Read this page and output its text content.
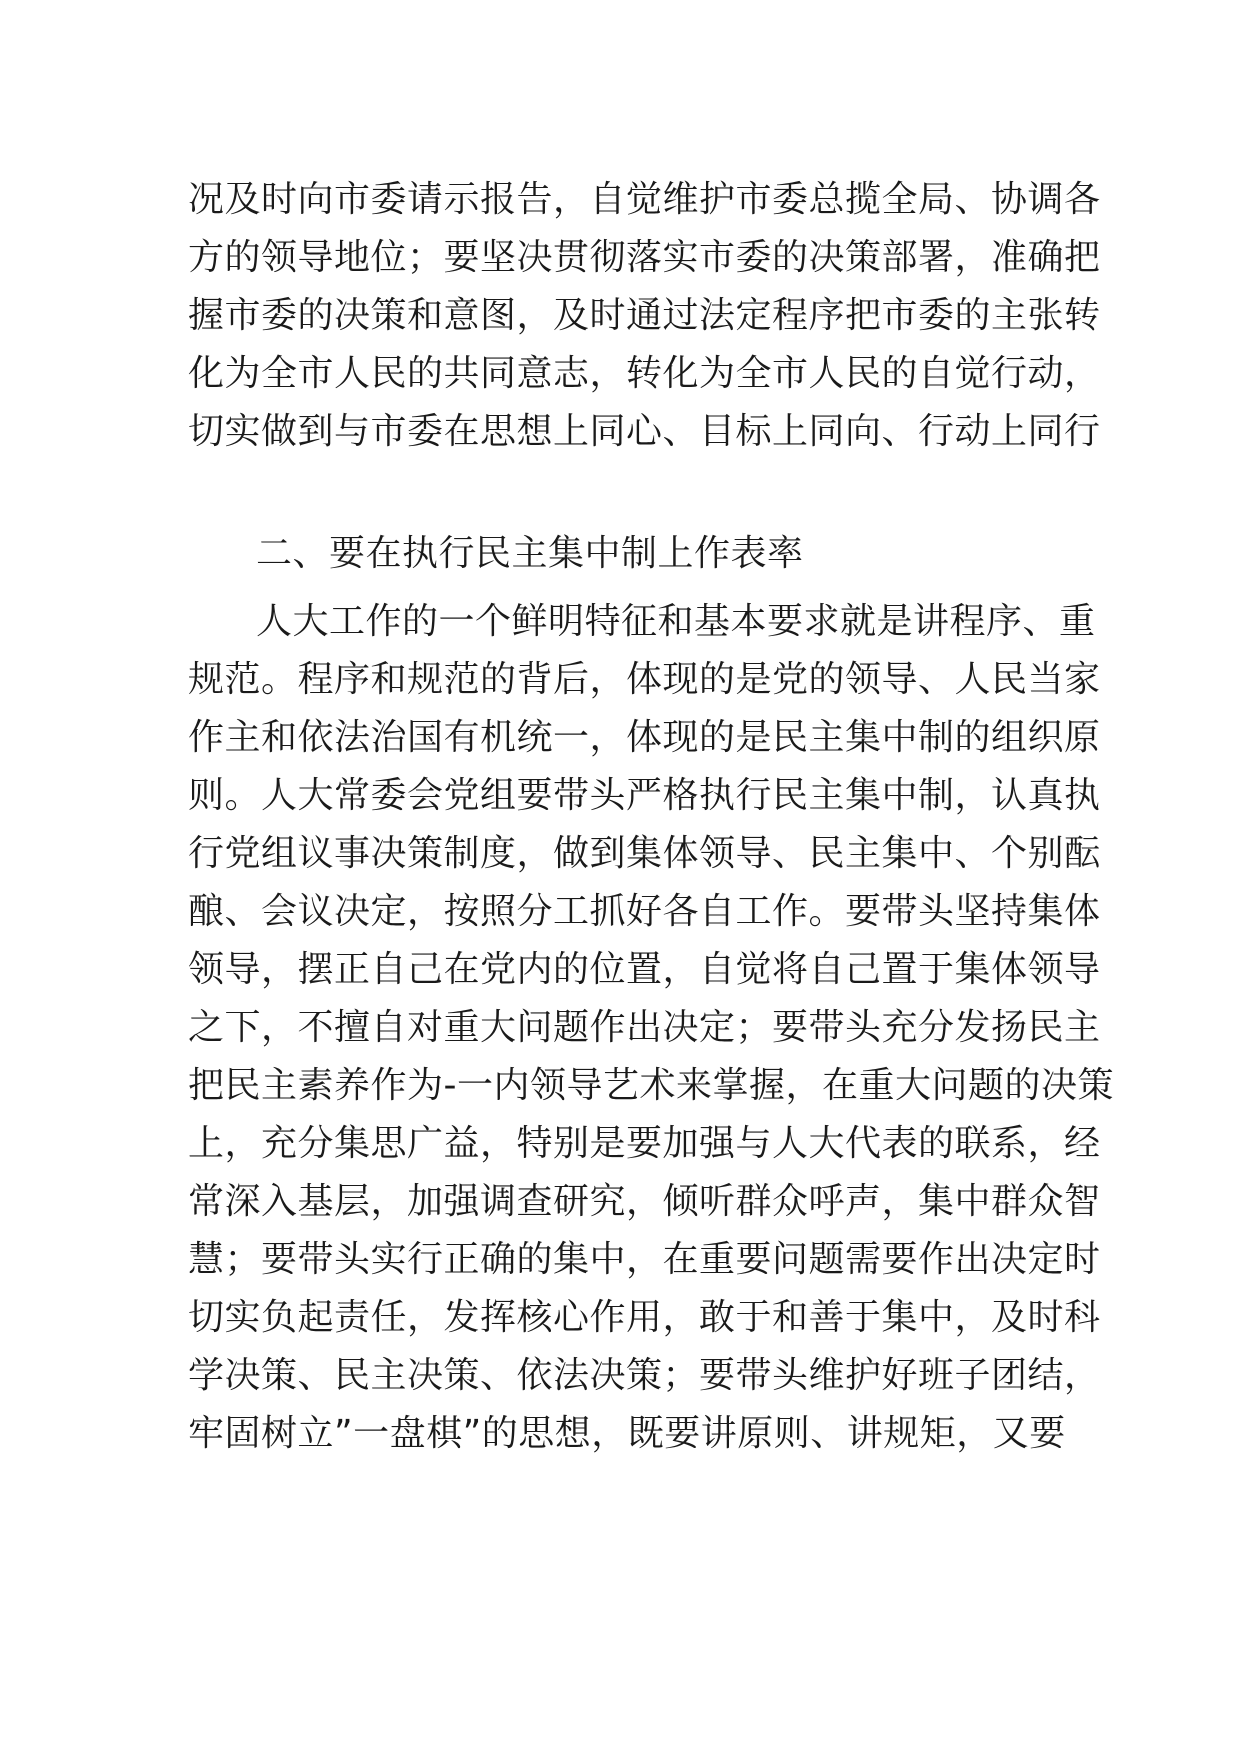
况及时向市委请示报告，自觉维护市委总揽全局、协调各
方的领导地位；要坚决贯彻落实市委的决策部署，准确把
握市委的决策和意图，及时通过法定程序把市委的主张转
化为全市人民的共同意志，转化为全市人民的自觉行动，
切实做到与市委在思想上同心、目标上同向、行动上同行
二、要在执行民主集中制上作表率
人大工作的一个鲜明特征和基本要求就是讲程序、重
规范。程序和规范的背后，体现的是党的领导、人民当家
作主和依法治国有机统一，体现的是民主集中制的组织原
则。人大常委会党组要带头严格执行民主集中制，认真执
行党组议事决策制度，做到集体领导、民主集中、个别酝
酿、会议决定，按照分工抓好各自工作。要带头坚持集体
领导，摆正自己在党内的位置，自觉将自己置于集体领导
之下，不擅自对重大问题作出决定；要带头充分发扬民主
把民主素养作为-一内领导艺术来掌握，在重大问题的决策
上，充分集思广益，特别是要加强与人大代表的联系，经
常深入基层，加强调查研究，倾听群众呼声，集中群众智
慧；要带头实行正确的集中，在重要问题需要作出决定时
切实负起责任，发挥核心作用，敢于和善于集中，及时科
学决策、民主决策、依法决策；要带头维护好班子团结，
牢固树立”一盘棋”的思想，既要讲原则、讲规矩，又要
